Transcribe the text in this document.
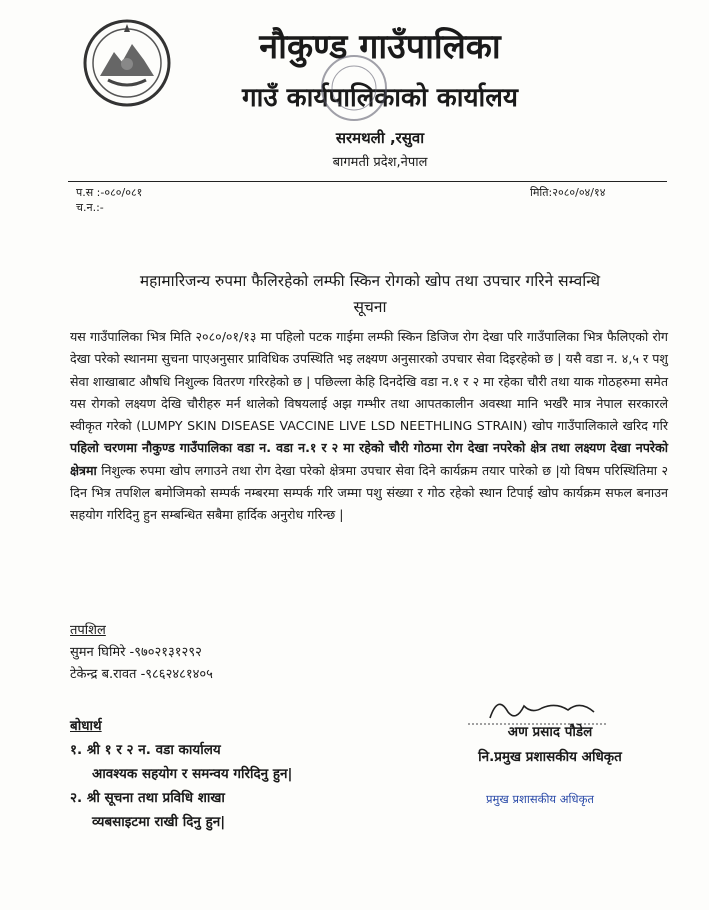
नौकुण्ड गाउँपालिका
गाउँ कार्यपालिकाको कार्यालय
सरमथली ,रसुवा
बागमती प्रदेश,नेपाल
प.स :-०८०/०८१
च.न.:-
मिति:२०८०/०४/१४
महामारिजन्य रुपमा फैलिरहेको लम्फी स्किन रोगको खोप तथा उपचार गरिने सम्वन्धि
सूचना
यस गाउँपालिका भित्र मिति २०८०/०१/१३ मा पहिलो पटक गाईमा लम्फी स्किन डिजिज रोग देखा परि गाउँपालिका भित्र फैलिएको रोग देखा परेको स्थानमा सुचना पाएअनुसार प्राविधिक उपस्थिति भइ लक्ष्यण अनुसारको उपचार सेवा दिइरहेको छ | यसै वडा न. ४,५ र पशु सेवा शाखाबाट औषधि निशुल्क वितरण गरिरहेको छ | पछिल्ला केहि दिनदेखि वडा न.१ र २ मा रहेका चौरी तथा याक गोठहरुमा समेत यस रोगको लक्ष्यण देखि चौरीहरु मर्न थालेको विषयलाई अझ गम्भीर तथा आपतकालीन अवस्था मानि भर्खरै मात्र नेपाल सरकारले स्वीकृत गरेको (LUMPY SKIN DISEASE VACCINE LIVE LSD NEETHLING STRAIN) खोप गाउँपालिकाले खरिद गरि पहिलो चरणमा नौकुण्ड गाउँपालिका वडा न. वडा न.१ र २ मा रहेको चौरी गोठमा रोग देखा नपरेको क्षेत्र तथा लक्ष्यण देखा नपरेको क्षेत्रमा निशुल्क रुपमा खोप लगाउने तथा रोग देखा परेको क्षेत्रमा उपचार सेवा दिने कार्यक्रम तयार पारेको छ |यो विषम परिस्थितिमा २ दिन भित्र तपशिल बमोजिमको सम्पर्क नम्बरमा सम्पर्क गरि जम्मा पशु संख्या र गोठ रहेको स्थान टिपाई खोप कार्यक्रम सफल बनाउन सहयोग गरिदिनु हुन सम्बन्धित सबैमा हार्दिक अनुरोध गरिन्छ |
तपशिल
सुमन घिमिरे -९७०२१३१२९२
टेकेन्द्र ब.रावत -९८६२४८१४०५
अण प्रसाद पौडेल
नि.प्रमुख प्रशासकीय अधिकृत
प्रमुख प्रशासकीय अधिकृत
बोधार्थ
१. श्री १ र २ न. वडा कार्यालय
आवश्यक सहयोग र समन्वय गरिदिनु हुन|
२. श्री सूचना तथा प्रविधि शाखा
व्यबसाइटमा राखी दिनु हुन|
